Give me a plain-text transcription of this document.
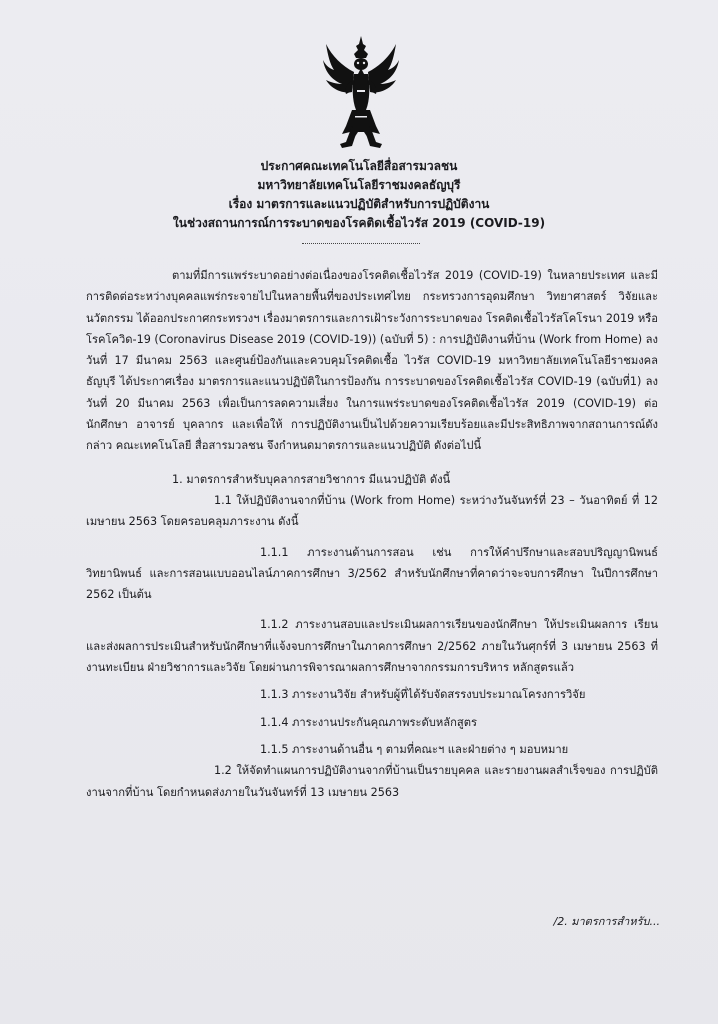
ประกาศคณะเทคโนโลยีสื่อสารมวลชน
มหาวิทยาลัยเทคโนโลยีราชมงคลธัญบุรี
เรื่อง มาตรการและแนวปฏิบัติสำหรับการปฏิบัติงาน
ในช่วงสถานการณ์การระบาดของโรคติดเชื้อไวรัส 2019 (COVID-19)

ตามที่มีการแพร่ระบาดอย่างต่อเนื่องของโรคติดเชื้อไวรัส 2019 (COVID-19) ในหลายประเทศ และมีการติดต่อระหว่างบุคคลแพร่กระจายไปในหลายพื้นที่ของประเทศไทย กระทรวงการอุดมศึกษา วิทยาศาสตร์ วิจัยและนวัตกรรม ได้ออกประกาศกระทรวงฯ เรื่องมาตรการและการเฝ้าระวังการระบาดของ โรคติดเชื้อไวรัสโคโรนา 2019 หรือโรคโควิด-19 (Coronavirus Disease 2019 (COVID-19)) (ฉบับที่ 5) : การปฏิบัติงานที่บ้าน (Work from Home) ลงวันที่ 17 มีนาคม 2563 และศูนย์ป้องกันและควบคุมโรคติดเชื้อ ไวรัส COVID-19 มหาวิทยาลัยเทคโนโลยีราชมงคลธัญบุรี ได้ประกาศเรื่อง มาตรการและแนวปฏิบัติในการป้องกัน การระบาดของโรคติดเชื้อไวรัส COVID-19 (ฉบับที่1) ลงวันที่ 20 มีนาคม 2563 เพื่อเป็นการลดความเสี่ยง ในการแพร่ระบาดของโรคติดเชื้อไวรัส 2019 (COVID-19) ต่อนักศึกษา อาจารย์ บุคลากร และเพื่อให้ การปฏิบัติงานเป็นไปด้วยความเรียบร้อยและมีประสิทธิภาพจากสถานการณ์ดังกล่าว คณะเทคโนโลยี สื่อสารมวลชน จึงกำหนดมาตรการและแนวปฏิบัติ ดังต่อไปนี้

1. มาตรการสำหรับบุคลากรสายวิชาการ มีแนวปฏิบัติ ดังนี้

1.1 ให้ปฏิบัติงานจากที่บ้าน (Work from Home) ระหว่างวันจันทร์ที่ 23 – วันอาทิตย์ ที่ 12 เมษายน 2563 โดยครอบคลุมภาระงาน ดังนี้

1.1.1 ภาระงานด้านการสอน เช่น การให้คำปรึกษาและสอบปริญญานิพนธ์ วิทยานิพนธ์ และการสอนแบบออนไลน์ภาคการศึกษา 3/2562 สำหรับนักศึกษาที่คาดว่าจะจบการศึกษา ในปีการศึกษา 2562 เป็นต้น

1.1.2 ภาระงานสอบและประเมินผลการเรียนของนักศึกษา ให้ประเมินผลการ เรียนและส่งผลการประเมินสำหรับนักศึกษาที่แจ้งจบการศึกษาในภาคการศึกษา 2/2562 ภายในวันศุกร์ที่ 3 เมษายน 2563 ที่งานทะเบียน ฝ่ายวิชาการและวิจัย โดยผ่านการพิจารณาผลการศึกษาจากกรรมการบริหาร หลักสูตรแล้ว

1.1.3 ภาระงานวิจัย สำหรับผู้ที่ได้รับจัดสรรงบประมาณโครงการวิจัย

1.1.4 ภาระงานประกันคุณภาพระดับหลักสูตร

1.1.5 ภาระงานด้านอื่น ๆ ตามที่คณะฯ และฝ่ายต่าง ๆ มอบหมาย

1.2 ให้จัดทำแผนการปฏิบัติงานจากที่บ้านเป็นรายบุคคล และรายงานผลสำเร็จของ การปฏิบัติงานจากที่บ้าน โดยกำหนดส่งภายในวันจันทร์ที่ 13 เมษายน 2563

/2. มาตรการสำหรับ...
